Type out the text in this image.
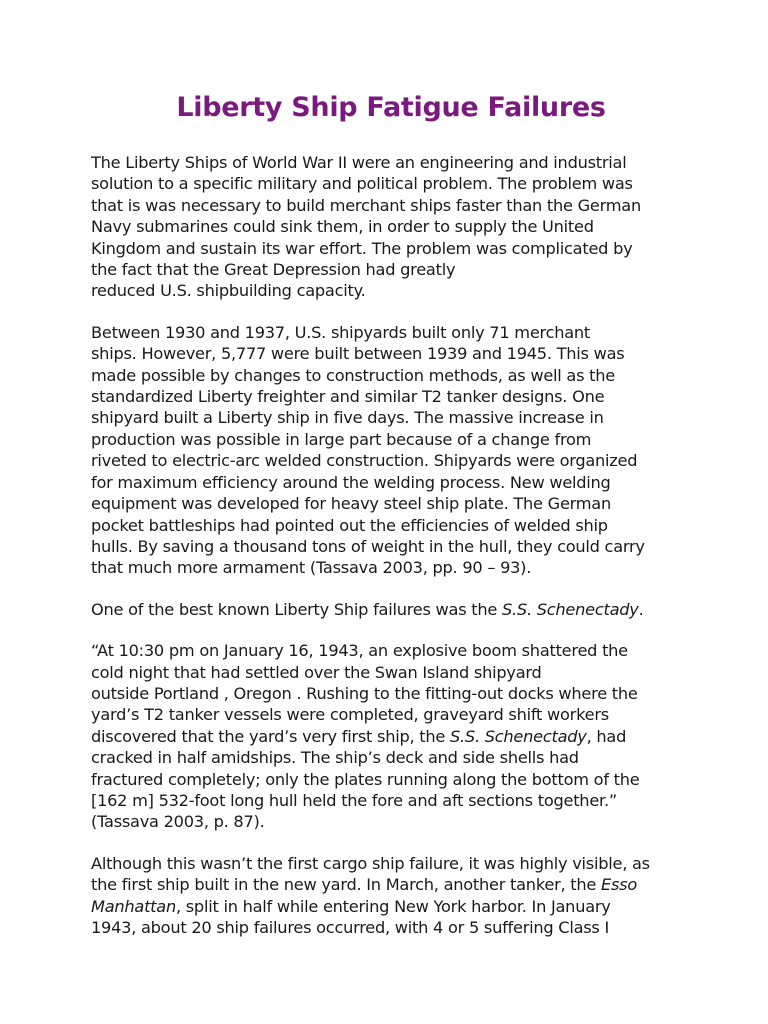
Liberty Ship Fatigue Failures

The Liberty Ships of World War II were an engineering and industrial
solution to a specific military and political problem. The problem was
that is was necessary to build merchant ships faster than the German
Navy submarines could sink them, in order to supply the United
Kingdom and sustain its war effort. The problem was complicated by
the fact that the Great Depression had greatly
reduced U.S. shipbuilding capacity.

Between 1930 and 1937, U.S. shipyards built only 71 merchant
ships. However, 5,777 were built between 1939 and 1945. This was
made possible by changes to construction methods, as well as the
standardized Liberty freighter and similar T2 tanker designs. One
shipyard built a Liberty ship in five days. The massive increase in
production was possible in large part because of a change from
riveted to electric-arc welded construction. Shipyards were organized
for maximum efficiency around the welding process. New welding
equipment was developed for heavy steel ship plate. The German
pocket battleships had pointed out the efficiencies of welded ship
hulls. By saving a thousand tons of weight in the hull, they could carry
that much more armament (Tassava 2003, pp. 90 – 93).

One of the best known Liberty Ship failures was the S.S. Schenectady.

“At 10:30 pm on January 16, 1943, an explosive boom shattered the
cold night that had settled over the Swan Island shipyard
outside Portland , Oregon . Rushing to the fitting-out docks where the
yard’s T2 tanker vessels were completed, graveyard shift workers
discovered that the yard’s very first ship, the S.S. Schenectady, had
cracked in half amidships. The ship’s deck and side shells had
fractured completely; only the plates running along the bottom of the
[162 m] 532-foot long hull held the fore and aft sections together.”
(Tassava 2003, p. 87).

Although this wasn’t the first cargo ship failure, it was highly visible, as
the first ship built in the new yard. In March, another tanker, the Esso
Manhattan, split in half while entering New York harbor. In January
1943, about 20 ship failures occurred, with 4 or 5 suffering Class I
